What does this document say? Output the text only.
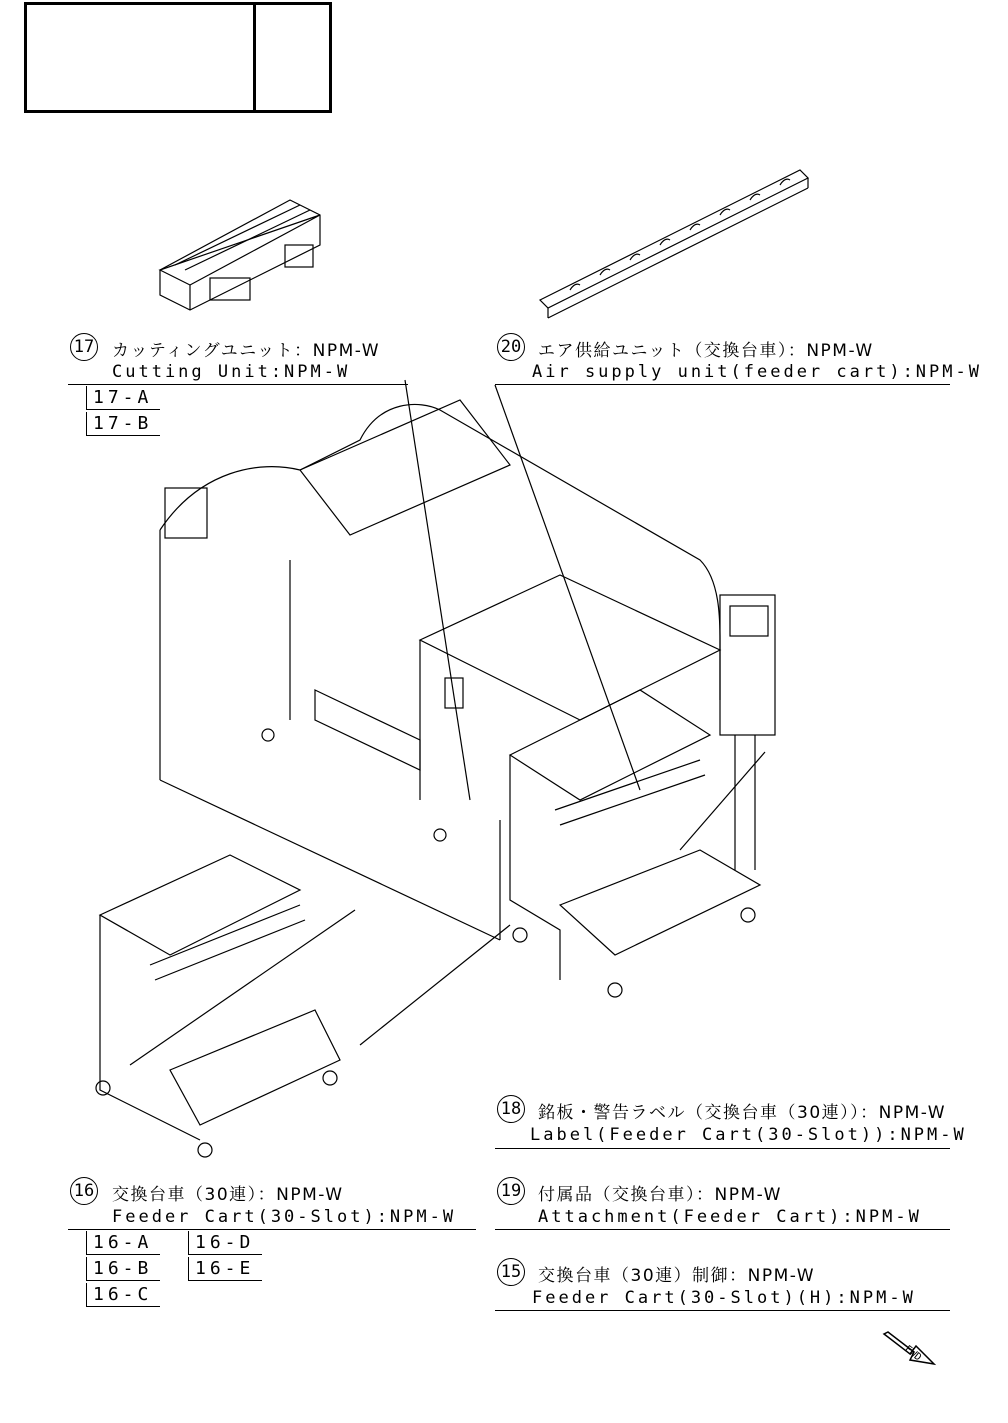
17 カッティングユニット：NPM-W
Cutting Unit:NPM-W
17-A
17-B
20 エア供給ユニット（交換台車）：NPM-W
Air supply unit(feeder cart):NPM-W
18 銘板・警告ラベル（交換台車（30連））：NPM-W
Label(Feeder Cart(30-Slot)):NPM-W
16 交換台車（30連）：NPM-W
Feeder Cart(30-Slot):NPM-W
16-A
16-B
16-C
16-D
16-E
19 付属品（交換台車）：NPM-W
Attachment(Feeder Cart):NPM-W
15 交換台車（30連）制御：NPM-W
Feeder Cart(30-Slot)(H):NPM-W
FWD
